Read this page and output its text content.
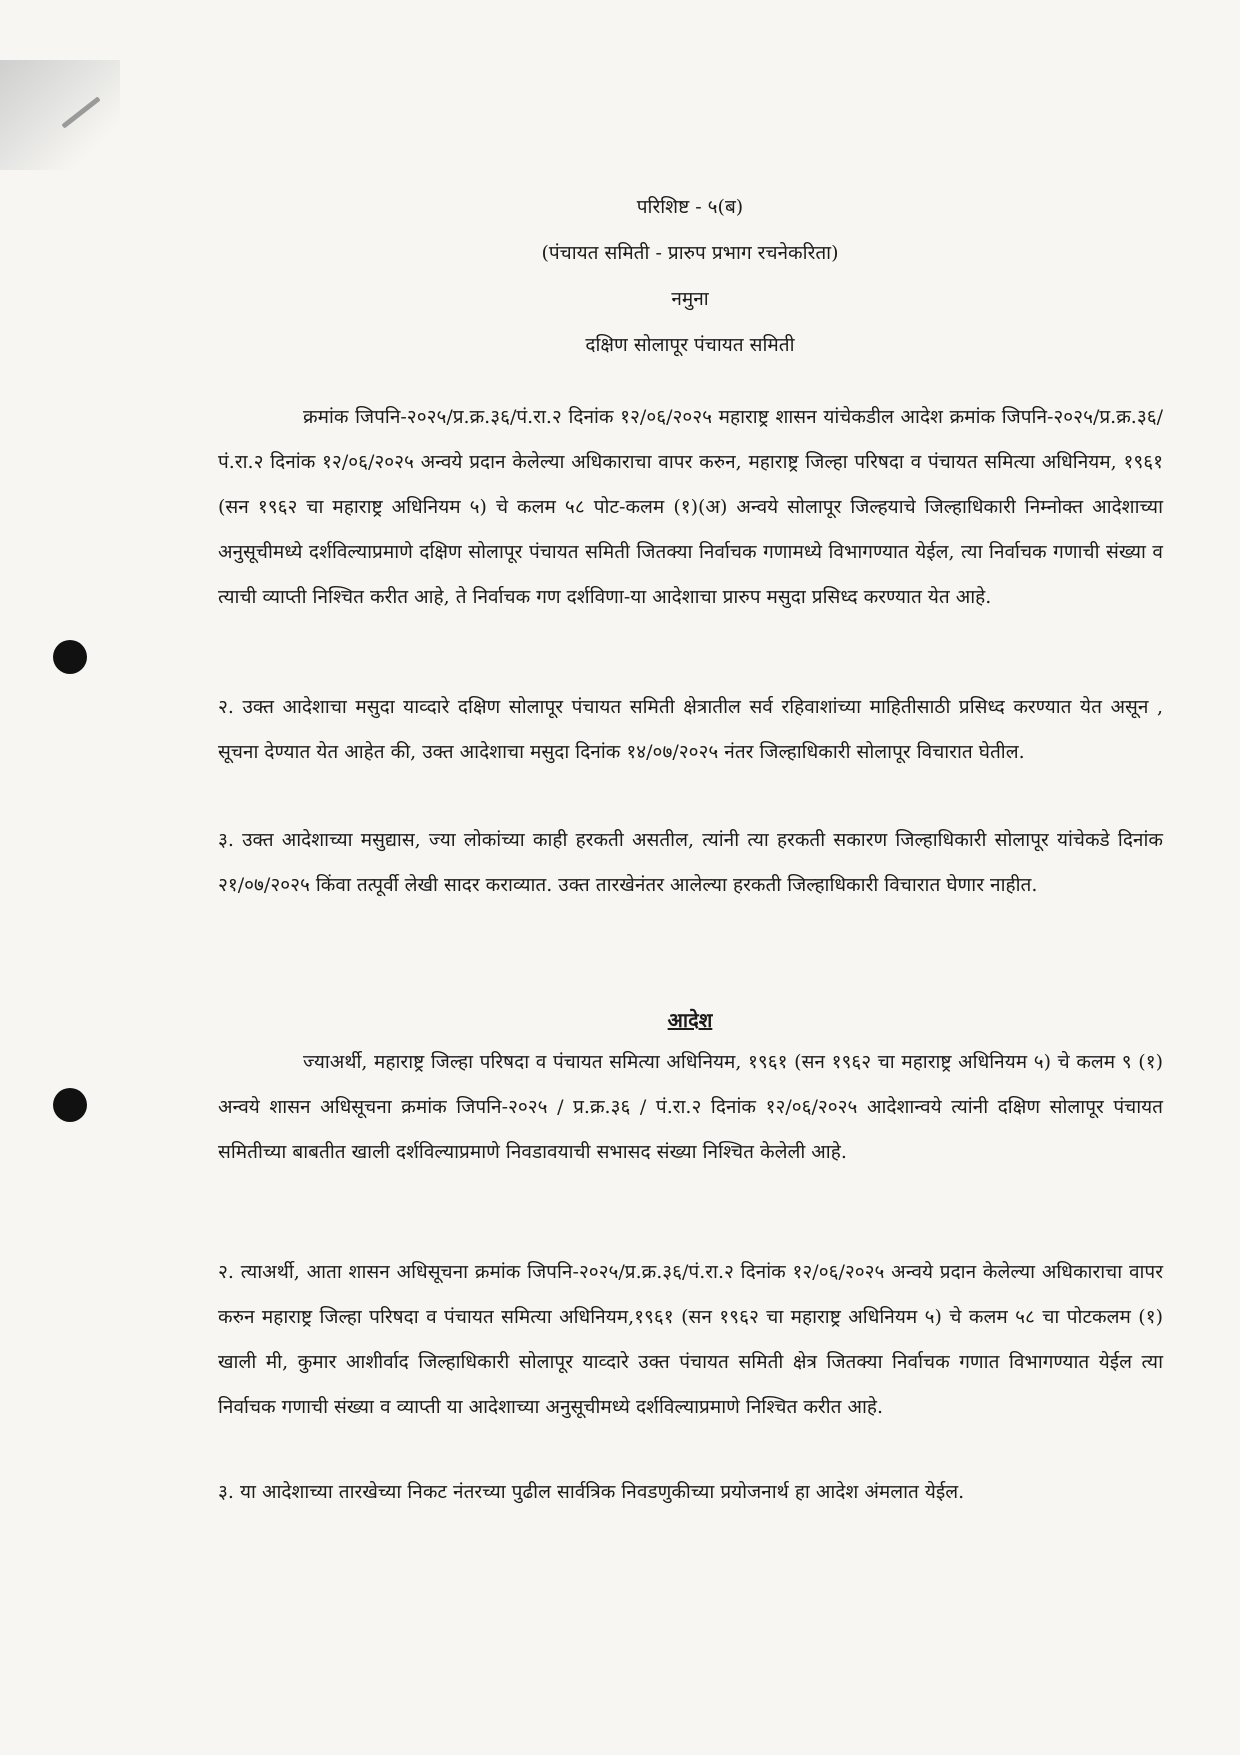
परिशिष्ट - ५(ब)
(पंचायत समिती - प्रारुप प्रभाग रचनेकरिता)
नमुना
दक्षिण सोलापूर पंचायत समिती
क्रमांक जिपनि-२०२५/प्र.क्र.३६/पं.रा.२ दिनांक १२/०६/२०२५ महाराष्ट्र शासन यांचेकडील आदेश क्रमांक जिपनि-२०२५/प्र.क्र.३६/पं.रा.२ दिनांक १२/०६/२०२५ अन्वये प्रदान केलेल्या अधिकाराचा वापर करुन, महाराष्ट्र जिल्हा परिषदा व पंचायत समित्या अधिनियम, १९६१ (सन १९६२ चा महाराष्ट्र अधिनियम ५) चे कलम ५८ पोट-कलम (१)(अ) अन्वये सोलापूर जिल्हयाचे जिल्हाधिकारी निम्नोक्त आदेशाच्या अनुसूचीमध्ये दर्शविल्याप्रमाणे दक्षिण सोलापूर पंचायत समिती जितक्या निर्वाचक गणामध्ये विभागण्यात येईल, त्या निर्वाचक गणाची संख्या व त्याची व्याप्ती निश्चित करीत आहे, ते निर्वाचक गण दर्शविणा-या आदेशाचा प्रारुप मसुदा प्रसिध्द करण्यात येत आहे.
२. उक्त आदेशाचा मसुदा याव्दारे दक्षिण सोलापूर पंचायत समिती क्षेत्रातील सर्व रहिवाशांच्या माहितीसाठी प्रसिध्द करण्यात येत असून , सूचना देण्यात येत आहेत की, उक्त आदेशाचा मसुदा दिनांक १४/०७/२०२५ नंतर जिल्हाधिकारी सोलापूर विचारात घेतील.
३. उक्त आदेशाच्या मसुद्यास, ज्या लोकांच्या काही हरकती असतील, त्यांनी त्या हरकती सकारण जिल्हाधिकारी सोलापूर यांचेकडे दिनांक २१/०७/२०२५ किंवा तत्पूर्वी लेखी सादर कराव्यात. उक्त तारखेनंतर आलेल्या हरकती जिल्हाधिकारी विचारात घेणार नाहीत.
आदेश
ज्याअर्थी, महाराष्ट्र जिल्हा परिषदा व पंचायत समित्या अधिनियम, १९६१ (सन १९६२ चा महाराष्ट्र अधिनियम ५) चे कलम ९ (१) अन्वये शासन अधिसूचना क्रमांक जिपनि-२०२५ / प्र.क्र.३६ / पं.रा.२ दिनांक १२/०६/२०२५ आदेशान्वये त्यांनी दक्षिण सोलापूर पंचायत समितीच्या बाबतीत खाली दर्शविल्याप्रमाणे निवडावयाची सभासद संख्या निश्चित केलेली आहे.
२. त्याअर्थी, आता शासन अधिसूचना क्रमांक जिपनि-२०२५/प्र.क्र.३६/पं.रा.२ दिनांक १२/०६/२०२५ अन्वये प्रदान केलेल्या अधिकाराचा वापर करुन महाराष्ट्र जिल्हा परिषदा व पंचायत समित्या अधिनियम,१९६१ (सन १९६२ चा महाराष्ट्र अधिनियम ५) चे कलम ५८ चा पोटकलम (१) खाली मी, कुमार आशीर्वाद जिल्हाधिकारी सोलापूर याव्दारे उक्त पंचायत समिती क्षेत्र जितक्या निर्वाचक गणात विभागण्यात येईल त्या निर्वाचक गणाची संख्या व व्याप्ती या आदेशाच्या अनुसूचीमध्ये दर्शविल्याप्रमाणे निश्चित करीत आहे.
३. या आदेशाच्या तारखेच्या निकट नंतरच्या पुढील सार्वत्रिक निवडणुकीच्या प्रयोजनार्थ हा आदेश अंमलात येईल.
